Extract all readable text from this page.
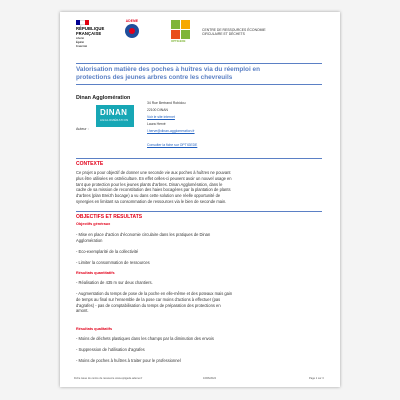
RÉPUBLIQUE
FRANÇAISE
Liberté
Égalité
Fraternité
ADEME
OPTIGEDE
CENTRE DE RESSOURCES ÉCONOMIE
CIRCULAIRE ET DÉCHETS
Valorisation matière des poches à huîtres via du réemploi en
protections des jeunes arbres contre les chevreuils
Dinan Agglomération
DINAN
AGGLOMÉRATION
Auteur :
34 Rue Bertrand Robidou
22100 DINAN
Voir le site internet
Laura Hervé
l.herve@dinan-agglomeration.fr
Consulter la fiche sur OPTIGEDE
CONTEXTE
Ce projet a pour objectif de donner une seconde vie aux poches à huîtres ne pouvant
plus être utilisées en ostréiculture. En effet celles-ci peuvent avoir un nouvel usage en
tant que protection pour les jeunes plants d'arbres. Dinan Agglomération, dans le
cadre de sa mission de reconstitution des haies bocagères par la plantation de plants
d'arbres (plan Breizh bocage) a vu dans cette solution une réelle opportunité de
synergies en limitant sa consommation de ressources via le bien de seconde main.
OBJECTIFS ET RESULTATS
Objectifs généraux
- Mise en place d'action d'économie circulaire dans les pratiques de Dinan
Agglomération
- Eco-exemplarité de la collectivité
- Limiter la consommation de ressources
Résultats quantitatifs
- Réalisation de 435 m sur deux chantiers.
- Augmentation du temps de pose de la poche en elle-même et des poteaux mais gain
de temps au final sur l'ensemble de la pose car moins d'actions à effectuer (pas
d'agrafes) - pas de comptabilisation du temps de préparation des protections en
amont.
Résultats qualitatifs
- Moins de déchets plastiques dans les champs par la diminution des envois
- Suppression de l'utilisation d'agrafes
- Moins de poches à huîtres à traiter pour le professionnel
Fiche issue du centre de ressource www.optigede.ademe.fr	16/06/2024	Page 1 sur 3
